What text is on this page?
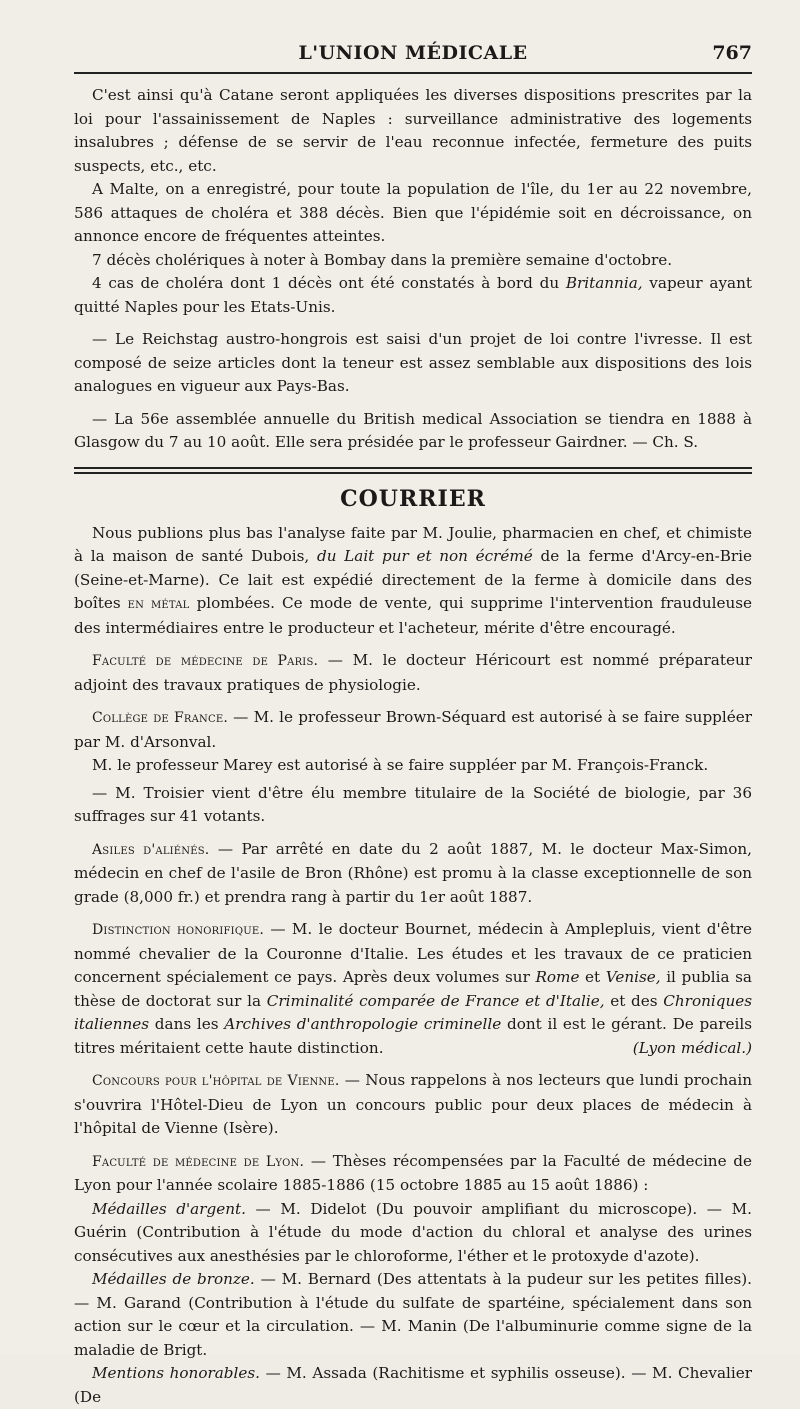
L'UNION MÉDICALE	767

C'est ainsi qu'à Catane seront appliquées les diverses dispositions prescrites par la loi pour l'assainissement de Naples : surveillance administrative des logements insalubres ; défense de se servir de l'eau reconnue infectée, fermeture des puits suspects, etc., etc.

A Malte, on a enregistré, pour toute la population de l'île, du 1er au 22 novembre, 586 attaques de choléra et 388 décès. Bien que l'épidémie soit en décroissance, on annonce encore de fréquentes atteintes.

7 décès cholériques à noter à Bombay dans la première semaine d'octobre.

4 cas de choléra dont 1 décès ont été constatés à bord du Britannia, vapeur ayant quitté Naples pour les Etats-Unis.

— Le Reichstag austro-hongrois est saisi d'un projet de loi contre l'ivresse. Il est composé de seize articles dont la teneur est assez semblable aux dispositions des lois analogues en vigueur aux Pays-Bas.

— La 56e assemblée annuelle du British medical Association se tiendra en 1888 à Glasgow du 7 au 10 août. Elle sera présidée par le professeur Gairdner. — Ch. S.

COURRIER

Nous publions plus bas l'analyse faite par M. Joulie, pharmacien en chef, et chimiste à la maison de santé Dubois, du Lait pur et non écrémé de la ferme d'Arcy-en-Brie (Seine-et-Marne). Ce lait est expédié directement de la ferme à domicile dans des boîtes en métal plombées. Ce mode de vente, qui supprime l'intervention frauduleuse des intermédiaires entre le producteur et l'acheteur, mérite d'être encouragé.

Faculté de médecine de Paris. — M. le docteur Héricourt est nommé préparateur adjoint des travaux pratiques de physiologie.

Collège de France. — M. le professeur Brown-Séquard est autorisé à se faire suppléer par M. d'Arsonval.

M. le professeur Marey est autorisé à se faire suppléer par M. François-Franck.

— M. Troisier vient d'être élu membre titulaire de la Société de biologie, par 36 suffrages sur 41 votants.

Asiles d'aliénés. — Par arrêté en date du 2 août 1887, M. le docteur Max-Simon, médecin en chef de l'asile de Bron (Rhône) est promu à la classe exceptionnelle de son grade (8,000 fr.) et prendra rang à partir du 1er août 1887.

Distinction honorifique. — M. le docteur Bournet, médecin à Amplepluis, vient d'être nommé chevalier de la Couronne d'Italie. Les études et les travaux de ce praticien concernent spécialement ce pays. Après deux volumes sur Rome et Venise, il publia sa thèse de doctorat sur la Criminalité comparée de France et d'Italie, et des Chroniques italiennes dans les Archives d'anthropologie criminelle dont il est le gérant. De pareils titres méritaient cette haute distinction.	(Lyon médical.)

Concours pour l'hôpital de Vienne. — Nous rappelons à nos lecteurs que lundi prochain s'ouvrira l'Hôtel-Dieu de Lyon un concours public pour deux places de médecin à l'hôpital de Vienne (Isère).

Faculté de médecine de Lyon. — Thèses récompensées par la Faculté de médecine de Lyon pour l'année scolaire 1885-1886 (15 octobre 1885 au 15 août 1886) :

Médailles d'argent. — M. Didelot (Du pouvoir amplifiant du microscope). — M. Guérin (Contribution à l'étude du mode d'action du chloral et analyse des urines consécutives aux anesthésies par le chloroforme, l'éther et le protoxyde d'azote).

Médailles de bronze. — M. Bernard (Des attentats à la pudeur sur les petites filles). — M. Garand (Contribution à l'étude du sulfate de spartéine, spécialement dans son action sur le cœur et la circulation. — M. Manin (De l'albuminurie comme signe de la maladie de Brigt.

Mentions honorables. — M. Assada (Rachitisme et syphilis osseuse). — M. Chevalier (De
